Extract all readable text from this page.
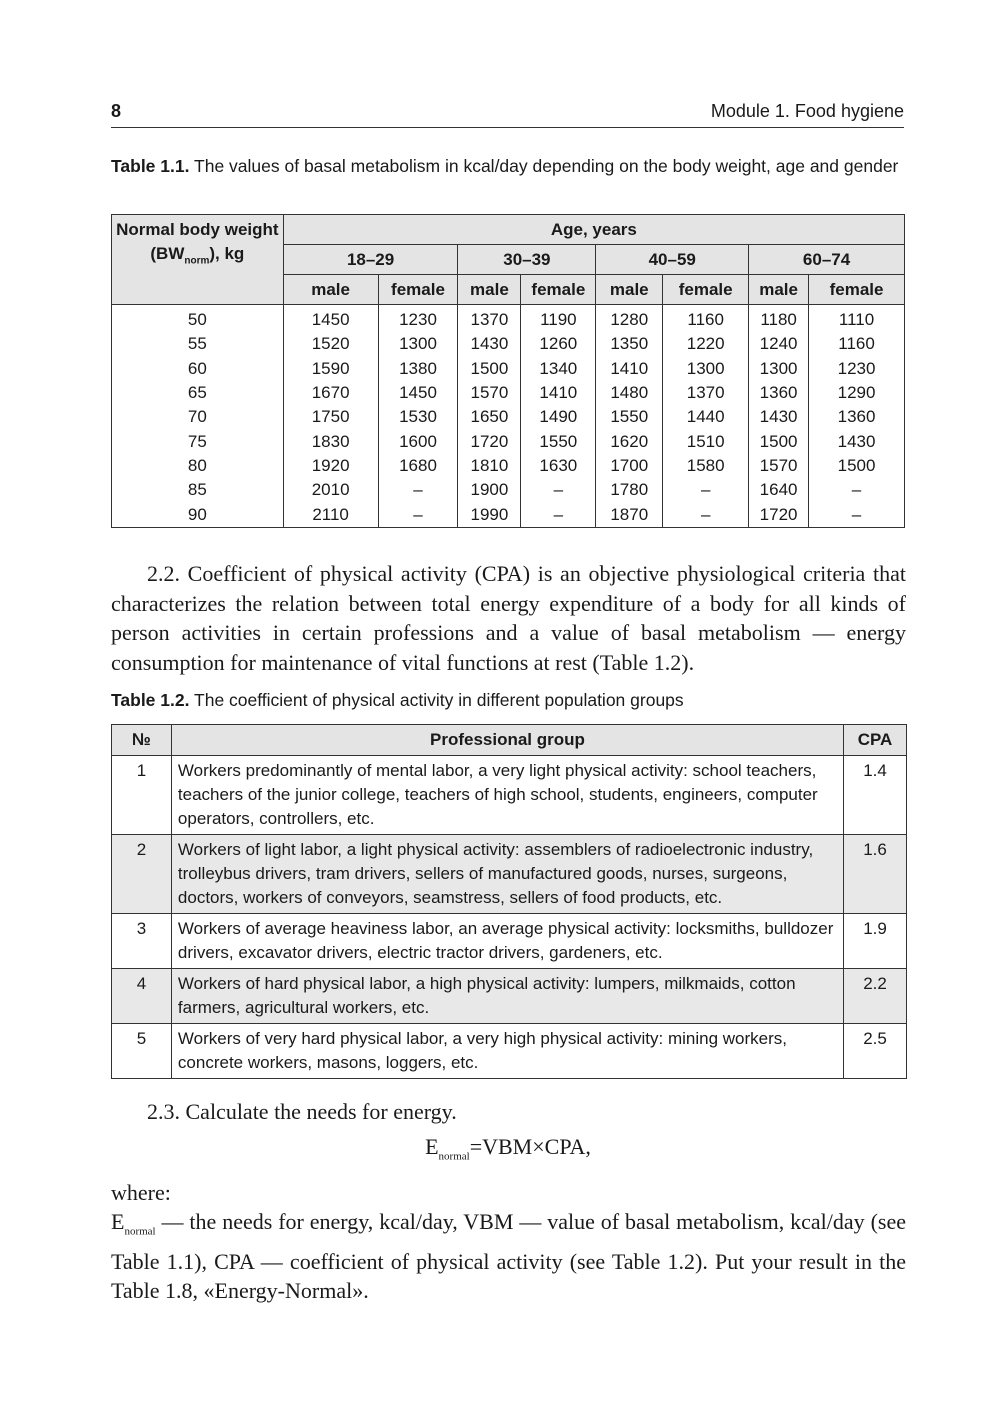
8	Module 1. Food hygiene
Table 1.1. The values of basal metabolism in kcal/day depending on the body weight, age and gender
Normal body weight $(BW_{norm})$, kg	Age, years							
	18–29		30–39		40–59		60–74	
	male	female	male	female	male	female	male	female
50	1450	1230	1370	1190	1280	1160	1180	1110
55	1520	1300	1430	1260	1350	1220	1240	1160
60	1590	1380	1500	1340	1410	1300	1300	1230
65	1670	1450	1570	1410	1480	1370	1360	1290
70	1750	1530	1650	1490	1550	1440	1430	1360
75	1830	1600	1720	1550	1620	1510	1500	1430
80	1920	1680	1810	1630	1700	1580	1570	1500
85	2010	–	1900	–	1780	–	1640	–
90	2110	–	1990	–	1870	–	1720	–
2.2. Coefficient of physical activity (CPA) is an objective physiological criteria that characterizes the relation between total energy expenditure of a body for all kinds of person activities in certain professions and a value of basal metabolism — energy consumption for maintenance of vital functions at rest (Table 1.2).
Table 1.2. The coefficient of physical activity in different population groups
№	Professional group	CPA
1	Workers predominantly of mental labor, a very light physical activity: school teachers, teachers of the junior college, teachers of high school, students, engineers, computer operators, controllers, etc.	1.4
2	Workers of light labor, a light physical activity: assemblers of radioelectronic industry, trolleybus drivers, tram drivers, sellers of manufactured goods, nurses, surgeons, doctors, workers of conveyors, seamstress, sellers of food products, etc.	1.6
3	Workers of average heaviness labor, an average physical activity: locksmiths, bulldozer drivers, excavator drivers, electric tractor drivers, gardeners, etc.	1.9
4	Workers of hard physical labor, a high physical activity: lumpers, milkmaids, cotton farmers, agricultural workers, etc.	2.2
5	Workers of very hard physical labor, a very high physical activity: mining workers, concrete workers, masons, loggers, etc.	2.5
2.3. Calculate the needs for energy.
$E_{normal}=VBM\times CPA$,
where:
$E_{normal}$ — the needs for energy, kcal/day, VBM — value of basal metabolism, kcal/day (see Table 1.1), CPA — coefficient of physical activity (see Table 1.2). Put your result in the Table 1.8, «Energy-Normal».
